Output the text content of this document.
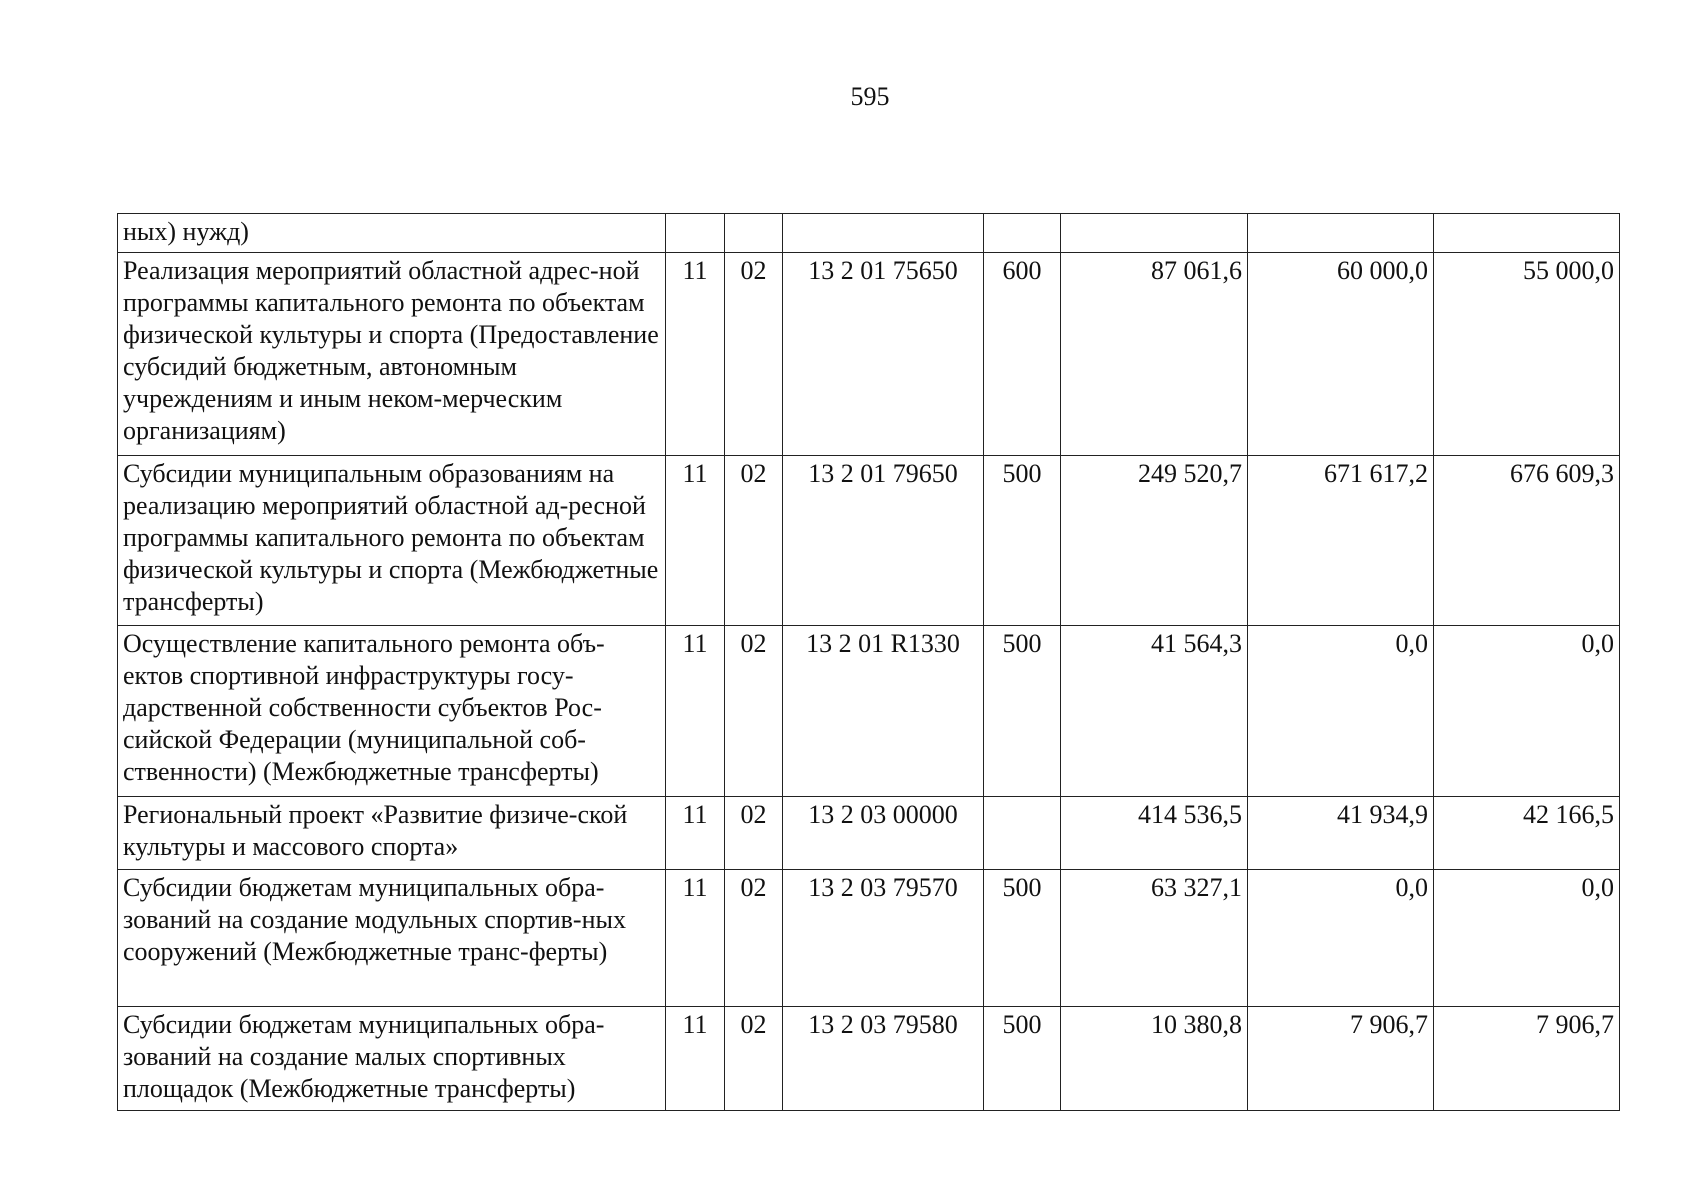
595
ных) нужд)							
Реализация мероприятий областной адрес-ной программы капитального ремонта по объектам физической культуры и спорта (Предоставление субсидий бюджетным, автономным учреждениям и иным неком-мерческим организациям)	11	02	13 2 01 75650	600	87 061,6	60 000,0	55 000,0
Субсидии муниципальным образованиям на реализацию мероприятий областной ад-ресной программы капитального ремонта по объектам физической культуры и спорта (Межбюджетные трансферты)	11	02	13 2 01 79650	500	249 520,7	671 617,2	676 609,3
Осуществление капитального ремонта объ-ектов спортивной инфраструктуры госу-дарственной собственности субъектов Рос-сийской Федерации (муниципальной соб-ственности) (Межбюджетные трансферты)	11	02	13 2 01 R1330	500	41 564,3	0,0	0,0
Региональный проект «Развитие физиче-ской культуры и массового спорта»	11	02	13 2 03 00000		414 536,5	41 934,9	42 166,5
Субсидии бюджетам муниципальных обра-зований на создание модульных спортив-ных сооружений (Межбюджетные транс-ферты)	11	02	13 2 03 79570	500	63 327,1	0,0	0,0
Субсидии бюджетам муниципальных обра-зований на создание малых спортивных площадок (Межбюджетные трансферты)	11	02	13 2 03 79580	500	10 380,8	7 906,7	7 906,7
